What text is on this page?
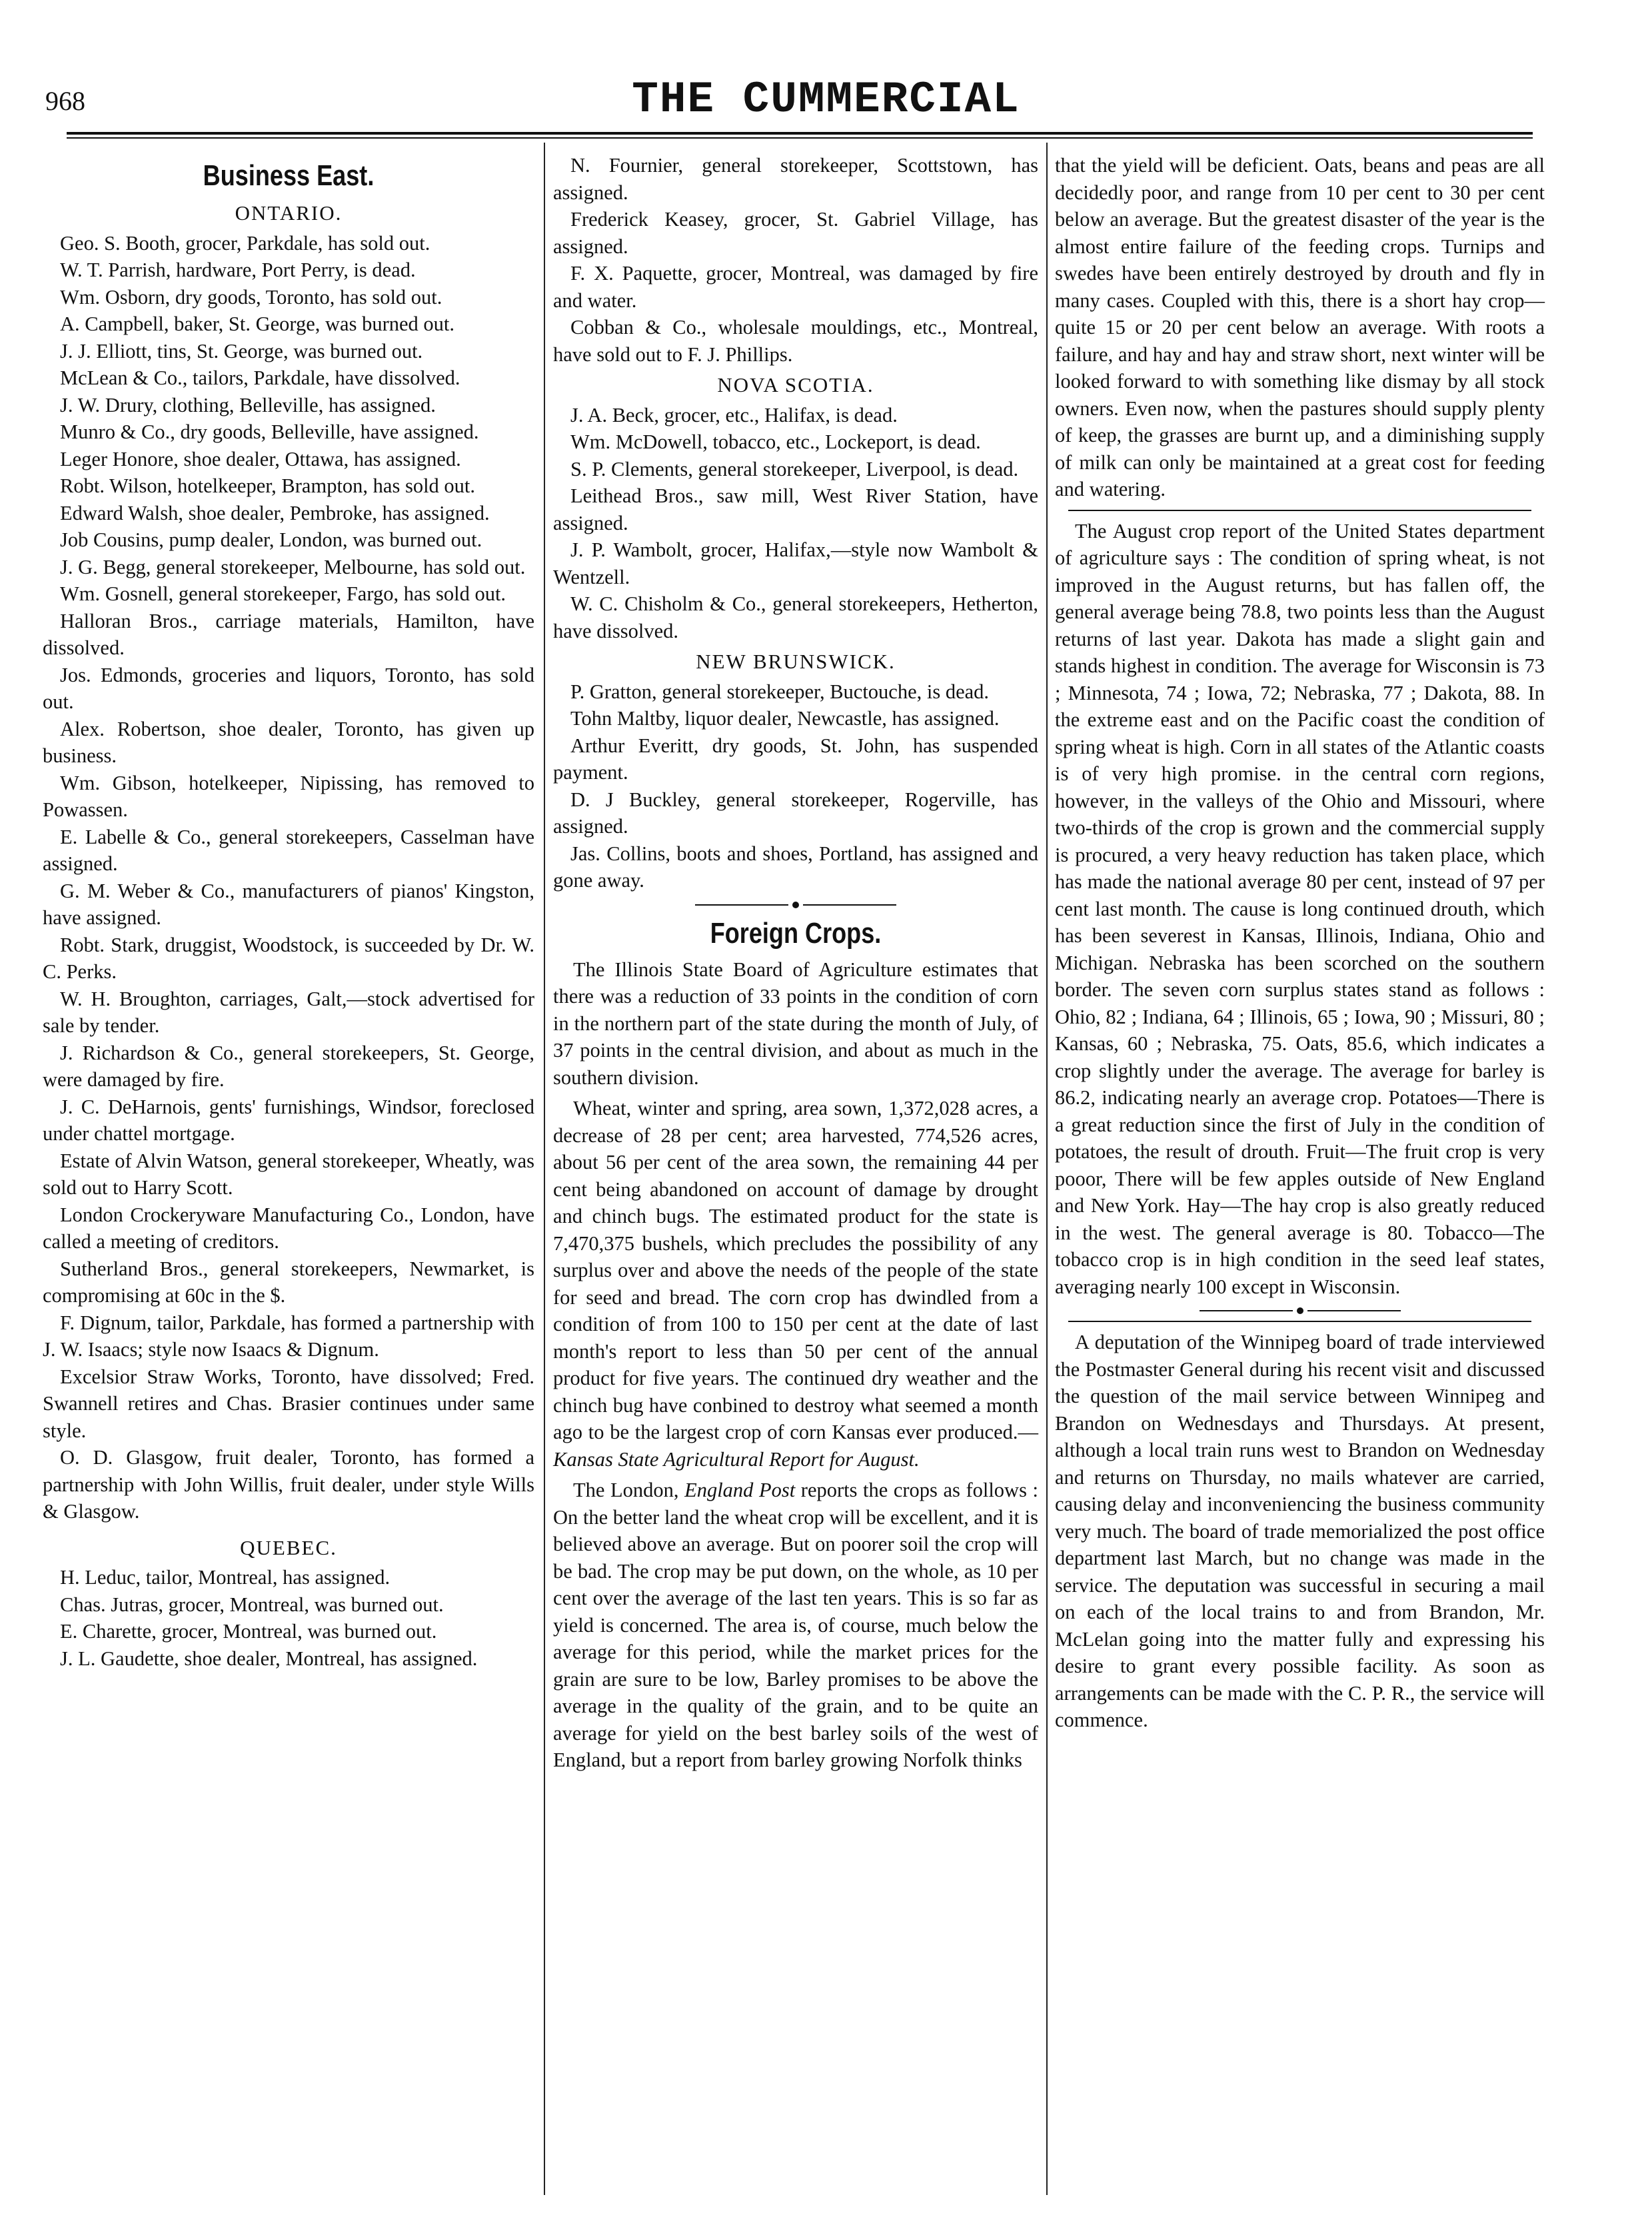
968	THE CUMMERCIAL
Business East.
ONTARIO.

Geo. S. Booth, grocer, Parkdale, has sold out.

W. T. Parrish, hardware, Port Perry, is dead.

Wm. Osborn, dry goods, Toronto, has sold out.

A. Campbell, baker, St. George, was burned out.

J. J. Elliott, tins, St. George, was burned out.

McLean & Co., tailors, Parkdale, have dissolved.

J. W. Drury, clothing, Belleville, has assigned.

Munro & Co., dry goods, Belleville, have assigned.

Leger Honore, shoe dealer, Ottawa, has assigned.

Robt. Wilson, hotelkeeper, Brampton, has sold out.

Edward Walsh, shoe dealer, Pembroke, has assigned.

Job Cousins, pump dealer, London, was burned out.

J. G. Begg, general storekeeper, Melbourne, has sold out.

Wm. Gosnell, general storekeeper, Fargo, has sold out.

Halloran Bros., carriage materials, Hamilton, have dissolved.

Jos. Edmonds, groceries and liquors, Toronto, has sold out.

Alex. Robertson, shoe dealer, Toronto, has given up business.

Wm. Gibson, hotelkeeper, Nipissing, has removed to Powassen.

E. Labelle & Co., general storekeepers, Casselman have assigned.

G. M. Weber & Co., manufacturers of pianos' Kingston, have assigned.

Robt. Stark, druggist, Woodstock, is succeeded by Dr. W. C. Perks.

W. H. Broughton, carriages, Galt,—stock advertised for sale by tender.

J. Richardson & Co., general storekeepers, St. George, were damaged by fire.

J. C. DeHarnois, gents' furnishings, Windsor, foreclosed under chattel mortgage.

Estate of Alvin Watson, general storekeeper, Wheatly, was sold out to Harry Scott.

London Crockeryware Manufacturing Co., London, have called a meeting of creditors.

Sutherland Bros., general storekeepers, Newmarket, is compromising at 60c in the $.

F. Dignum, tailor, Parkdale, has formed a partnership with J. W. Isaacs; style now Isaacs & Dignum.

Excelsior Straw Works, Toronto, have dissolved; Fred. Swannell retires and Chas. Brasier continues under same style.

O. D. Glasgow, fruit dealer, Toronto, has formed a partnership with John Willis, fruit dealer, under style Wills & Glasgow.

QUEBEC.

H. Leduc, tailor, Montreal, has assigned.

Chas. Jutras, grocer, Montreal, was burned out.

E. Charette, grocer, Montreal, was burned out.

J. L. Gaudette, shoe dealer, Montreal, has assigned.

N. Fournier, general storekeeper, Scottstown, has assigned.

Frederick Keasey, grocer, St. Gabriel Village, has assigned.

F. X. Paquette, grocer, Montreal, was damaged by fire and water.

Cobban & Co., wholesale mouldings, etc., Montreal, have sold out to F. J. Phillips.

NOVA SCOTIA.

J. A. Beck, grocer, etc., Halifax, is dead.

Wm. McDowell, tobacco, etc., Lockeport, is dead.

S. P. Clements, general storekeeper, Liverpool, is dead.

Leithead Bros., saw mill, West River Station, have assigned.

J. P. Wambolt, grocer, Halifax,—style now Wambolt & Wentzell.

W. C. Chisholm & Co., general storekeepers, Hetherton, have dissolved.

NEW BRUNSWICK.

P. Gratton, general storekeeper, Buctouche, is dead.

Tohn Maltby, liquor dealer, Newcastle, has assigned.

Arthur Everitt, dry goods, St. John, has suspended payment.

D. J Buckley, general storekeeper, Rogerville, has assigned.

Jas. Collins, boots and shoes, Portland, has assigned and gone away.

Foreign Crops.

The Illinois State Board of Agriculture estimates that there was a reduction of 33 points in the condition of corn in the northern part of the state during the month of July, of 37 points in the central division, and about as much in the southern division.

Wheat, winter and spring, area sown, 1,372,028 acres, a decrease of 28 per cent; area harvested, 774,526 acres, about 56 per cent of the area sown, the remaining 44 per cent being abandoned on account of damage by drought and chinch bugs. The estimated product for the state is 7,470,375 bushels, which precludes the possibility of any surplus over and above the needs of the people of the state for seed and bread. The corn crop has dwindled from a condition of from 100 to 150 per cent at the date of last month's report to less than 50 per cent of the annual product for five years. The continued dry weather and the chinch bug have conbined to destroy what seemed a month ago to be the largest crop of corn Kansas ever produced.—Kansas State Agricultural Report for August.

The London, England Post reports the crops as follows : On the better land the wheat crop will be excellent, and it is believed above an average. But on poorer soil the crop will be bad. The crop may be put down, on the whole, as 10 per cent over the average of the last ten years. This is so far as yield is concerned. The area is, of course, much below the average for this period, while the market prices for the grain are sure to be low, Barley promises to be above the average in the quality of the grain, and to be quite an average for yield on the best barley soils of the west of England, but a report from barley growing Norfolk thinks

that the yield will be deficient. Oats, beans and peas are all decidedly poor, and range from 10 per cent to 30 per cent below an average. But the greatest disaster of the year is the almost entire failure of the feeding crops. Turnips and swedes have been entirely destroyed by drouth and fly in many cases. Coupled with this, there is a short hay crop—quite 15 or 20 per cent below an average. With roots a failure, and hay and hay and straw short, next winter will be looked forward to with something like dismay by all stock owners. Even now, when the pastures should supply plenty of keep, the grasses are burnt up, and a diminishing supply of milk can only be maintained at a great cost for feeding and watering.

The August crop report of the United States department of agriculture says : The condition of spring wheat, is not improved in the August returns, but has fallen off, the general average being 78.8, two points less than the August returns of last year. Dakota has made a slight gain and stands highest in condition. The average for Wisconsin is 73 ; Minnesota, 74 ; Iowa, 72; Nebraska, 77 ; Dakota, 88. In the extreme east and on the Pacific coast the condition of spring wheat is high. Corn in all states of the Atlantic coasts is of very high promise. in the central corn regions, however, in the valleys of the Ohio and Missouri, where two-thirds of the crop is grown and the commercial supply is procured, a very heavy reduction has taken place, which has made the national average 80 per cent, instead of 97 per cent last month. The cause is long continued drouth, which has been severest in Kansas, Illinois, Indiana, Ohio and Michigan. Nebraska has been scorched on the southern border. The seven corn surplus states stand as follows : Ohio, 82 ; Indiana, 64 ; Illinois, 65 ; Iowa, 90 ; Missuri, 80 ; Kansas, 60 ; Nebraska, 75. Oats, 85.6, which indicates a crop slightly under the average. The average for barley is 86.2, indicating nearly an average crop. Potatoes—There is a great reduction since the first of July in the condition of potatoes, the result of drouth. Fruit—The fruit crop is very pooor, There will be few apples outside of New England and New York. Hay—The hay crop is also greatly reduced in the west. The general average is 80. Tobacco—The tobacco crop is in high condition in the seed leaf states, averaging nearly 100 except in Wisconsin.

A deputation of the Winnipeg board of trade interviewed the Postmaster General during his recent visit and discussed the question of the mail service between Winnipeg and Brandon on Wednesdays and Thursdays. At present, although a local train runs west to Brandon on Wednesday and returns on Thursday, no mails whatever are carried, causing delay and inconveniencing the business community very much. The board of trade memorialized the post office department last March, but no change was made in the service. The deputation was successful in securing a mail on each of the local trains to and from Brandon, Mr. McLelan going into the matter fully and expressing his desire to grant every possible facility. As soon as arrangements can be made with the C. P. R., the service will commence.
